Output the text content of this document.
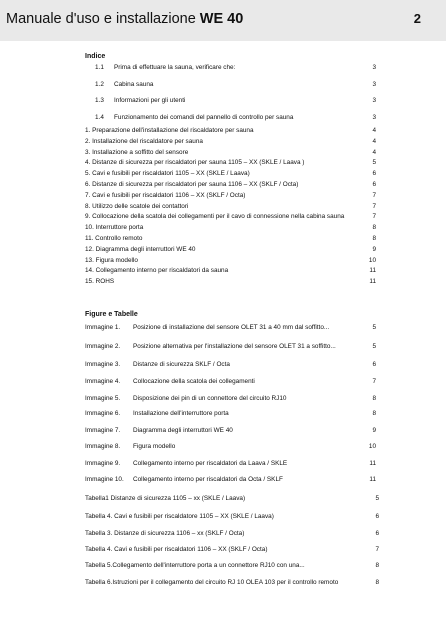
Manuale d'uso e installazione WE 40	2
Indice
1.1 Prima di effettuare la sauna, verificare che:	3
1.2 Cabina sauna	3
1.3 Informazioni per gli utenti	3
1.4 Funzionamento dei comandi del pannello di controllo per sauna	3
1. Preparazione dell'installazione del riscaldatore per sauna	4
2. Installazione del riscaldatore per sauna	4
3. Installazione a soffitto del sensore	4
4. Distanze di sicurezza per riscaldatori per sauna 1105 – XX (SKLE / Laava )	5
5. Cavi e fusibili per riscaldatori 1105 – XX (SKLE / Laava)	6
6. Distanze di sicurezza per riscaldatori per sauna 1106 – XX (SKLF / Octa)	6
7. Cavi e fusibili per riscaldatori 1106 – XX (SKLF / Octa)	7
8. Utilizzo delle scatole dei contattori	7
9. Collocazione della scatola dei collegamenti per il cavo di connessione nella cabina sauna	7
10. Interruttore porta	8
11. Controllo remoto	8
12. Diagramma degli interruttori WE 40	9
13. Figura modello	10
14. Collegamento interno per riscaldatori da sauna	11
15. ROHS	11
Figure e Tabelle
Immagine 1. Posizione di installazione del sensore OLET 31 a 40 mm dal soffitto...	5
Immagine 2. Posizione alternativa per l'installazione del sensore OLET 31 a soffitto...	5
Immagine 3. Distanze di sicurezza SKLF / Octa	6
Immagine 4. Collocazione della scatola dei collegamenti	7
Immagine 5. Disposizione dei pin di un connettore del circuito RJ10	8
Immagine 6. Installazione dell'interruttore porta	8
Immagine 7. Diagramma degli interruttori WE 40	9
Immagine 8. Figura modello	10
Immagine 9. Collegamento interno per riscaldatori da Laava / SKLE	11
Immagine 10. Collegamento interno per riscaldatori da Octa / SKLF	11
Tabella1 Distanze di sicurezza 1105 – xx (SKLE / Laava)	5
Tabella 4. Cavi e fusibili per riscaldatore 1105 – XX (SKLE / Laava)	6
Tabella 3. Distanze di sicurezza 1106 – xx (SKLF / Octa)	6
Tabella 4. Cavi e fusibili per riscaldatori 1106 – XX (SKLF / Octa)	7
Tabella 5.Collegamento dell'interruttore porta a un connettore RJ10 con una...	8
Tabella 6.Istruzioni per il collegamento del circuito RJ 10 OLEA 103 per il controllo remoto	8
